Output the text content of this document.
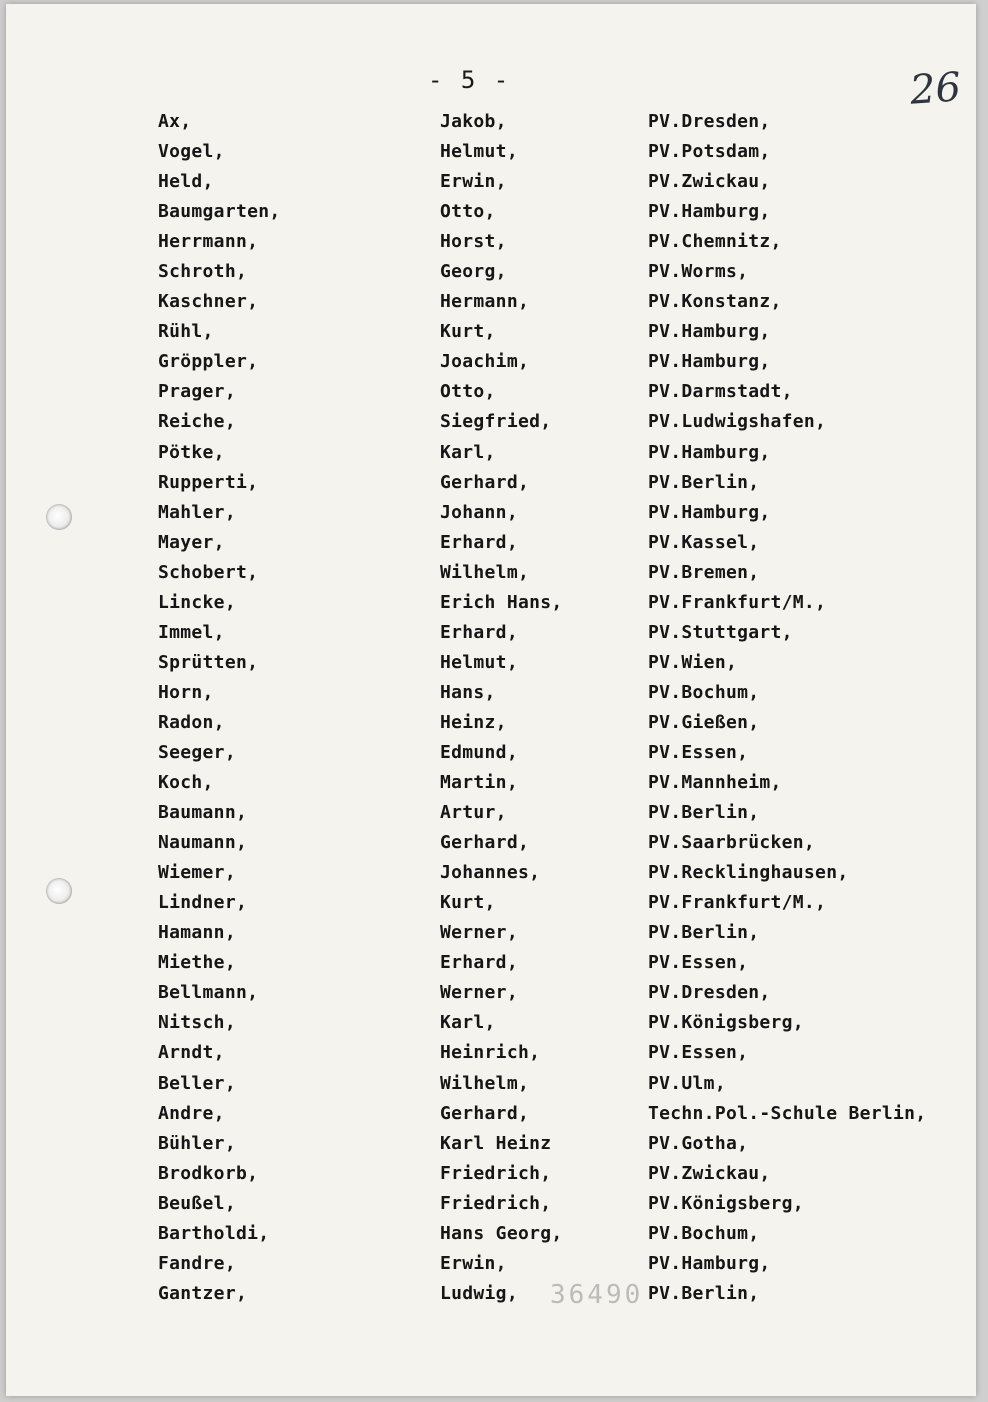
- 5 -	26
Ax,	Jakob,	PV.Dresden,
Vogel,	Helmut,	PV.Potsdam,
Held,	Erwin,	PV.Zwickau,
Baumgarten,	Otto,	PV.Hamburg,
Herrmann,	Horst,	PV.Chemnitz,
Schroth,	Georg,	PV.Worms,
Kaschner,	Hermann,	PV.Konstanz,
Rühl,	Kurt,	PV.Hamburg,
Gröppler,	Joachim,	PV.Hamburg,
Prager,	Otto,	PV.Darmstadt,
Reiche,	Siegfried,	PV.Ludwigshafen,
Pötke,	Karl,	PV.Hamburg,
Rupperti,	Gerhard,	PV.Berlin,
Mahler,	Johann,	PV.Hamburg,
Mayer,	Erhard,	PV.Kassel,
Schobert,	Wilhelm,	PV.Bremen,
Lincke,	Erich Hans,	PV.Frankfurt/M.,
Immel,	Erhard,	PV.Stuttgart,
Sprütten,	Helmut,	PV.Wien,
Horn,	Hans,	PV.Bochum,
Radon,	Heinz,	PV.Gießen,
Seeger,	Edmund,	PV.Essen,
Koch,	Martin,	PV.Mannheim,
Baumann,	Artur,	PV.Berlin,
Naumann,	Gerhard,	PV.Saarbrücken,
Wiemer,	Johannes,	PV.Recklinghausen,
Lindner,	Kurt,	PV.Frankfurt/M.,
Hamann,	Werner,	PV.Berlin,
Miethe,	Erhard,	PV.Essen,
Bellmann,	Werner,	PV.Dresden,
Nitsch,	Karl,	PV.Königsberg,
Arndt,	Heinrich,	PV.Essen,
Beller,	Wilhelm,	PV.Ulm,
Andre,	Gerhard,	Techn.Pol.-Schule Berlin,
Bühler,	Karl Heinz	PV.Gotha,
Brodkorb,	Friedrich,	PV.Zwickau,
Beußel,	Friedrich,	PV.Königsberg,
Bartholdi,	Hans Georg,	PV.Bochum,
Fandre,	Erwin,	PV.Hamburg,
Gantzer,	Ludwig,	PV.Berlin,
36490
